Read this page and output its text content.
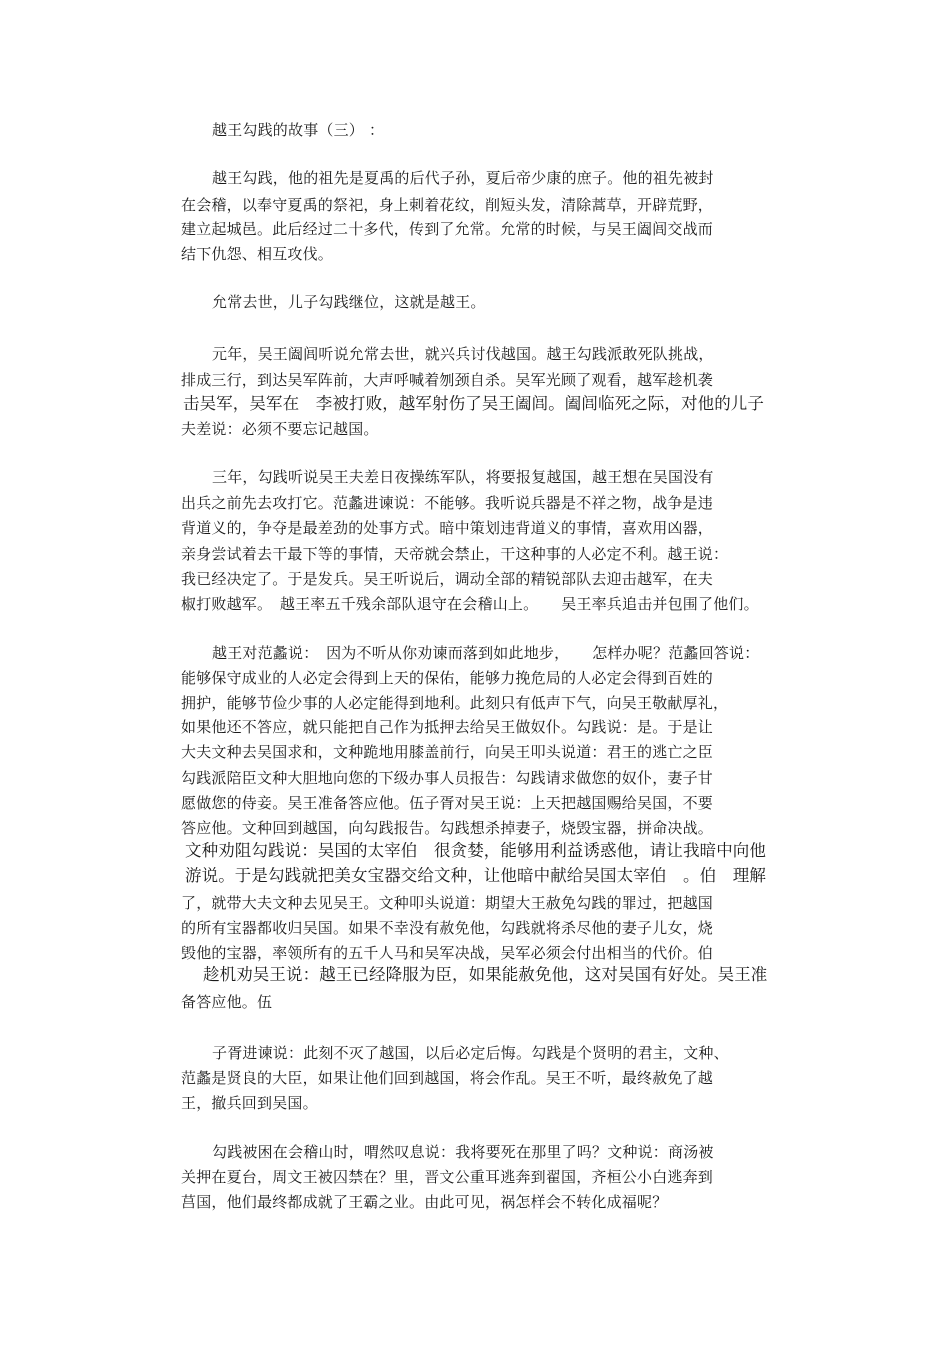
越王勾践的故事（三） ：
越王勾践，他的祖先是夏禹的后代子孙，夏后帝少康的庶子。他的祖先被封
在会稽，以奉守夏禹的祭祀，身上刺着花纹，削短头发，清除蒿草，开辟荒野，
建立起城邑。此后经过二十多代，传到了允常。允常的时候，与吴王阖闾交战而
结下仇怨、相互攻伐。
允常去世，儿子勾践继位，这就是越王。
元年，吴王阖闾听说允常去世，就兴兵讨伐越国。越王勾践派敢死队挑战，
排成三行，到达吴军阵前，大声呼喊着刎颈自杀。吴军光顾了观看，越军趁机袭
击吴军，吴军在　李被打败，越军射伤了吴王阖闾。阖闾临死之际，对他的儿子
夫差说：必须不要忘记越国。
三年，勾践听说吴王夫差日夜操练军队，将要报复越国，越王想在吴国没有
出兵之前先去攻打它。范蠡进谏说：不能够。我听说兵器是不祥之物，战争是违
背道义的，争夺是最差劲的处事方式。暗中策划违背道义的事情，喜欢用凶器，
亲身尝试着去干最下等的事情，天帝就会禁止，干这种事的人必定不利。越王说：
我已经决定了。于是发兵。吴王听说后，调动全部的精锐部队去迎击越军，在夫
椒打败越军。　越王率五千残余部队退守在会稽山上。　　吴王率兵追击并包围了他们。
越王对范蠡说：　因为不听从你劝谏而落到如此地步，　　怎样办呢？范蠡回答说：
能够保守成业的人必定会得到上天的保佑，能够力挽危局的人必定会得到百姓的
拥护，能够节俭少事的人必定能得到地利。此刻只有低声下气，向吴王敬献厚礼，
如果他还不答应，就只能把自己作为抵押去给吴王做奴仆。勾践说：是。于是让
大夫文种去吴国求和，文种跪地用膝盖前行，向吴王叩头说道：君王的逃亡之臣
勾践派陪臣文种大胆地向您的下级办事人员报告：勾践请求做您的奴仆，妻子甘
愿做您的侍妾。吴王准备答应他。伍子胥对吴王说：上天把越国赐给吴国，不要
答应他。文种回到越国，向勾践报告。勾践想杀掉妻子，烧毁宝器，拼命决战。
文种劝阻勾践说：吴国的太宰伯　很贪婪，能够用利益诱惑他，请让我暗中向他
游说。于是勾践就把美女宝器交给文种，让他暗中献给吴国太宰伯　。伯　理解
了，就带大夫文种去见吴王。文种叩头说道：期望大王赦免勾践的罪过，把越国
的所有宝器都收归吴国。如果不幸没有赦免他，勾践就将杀尽他的妻子儿女，烧
毁他的宝器，率领所有的五千人马和吴军决战，吴军必须会付出相当的代价。伯
趁机劝吴王说：越王已经降服为臣，如果能赦免他，这对吴国有好处。吴王准
备答应他。伍
子胥进谏说：此刻不灭了越国，以后必定后悔。勾践是个贤明的君主，文种、
范蠡是贤良的大臣，如果让他们回到越国，将会作乱。吴王不听，最终赦免了越
王，撤兵回到吴国。
勾践被困在会稽山时，喟然叹息说：我将要死在那里了吗？文种说：商汤被
关押在夏台，周文王被囚禁在？里，晋文公重耳逃奔到翟国，齐桓公小白逃奔到
莒国，他们最终都成就了王霸之业。由此可见，祸怎样会不转化成福呢？
